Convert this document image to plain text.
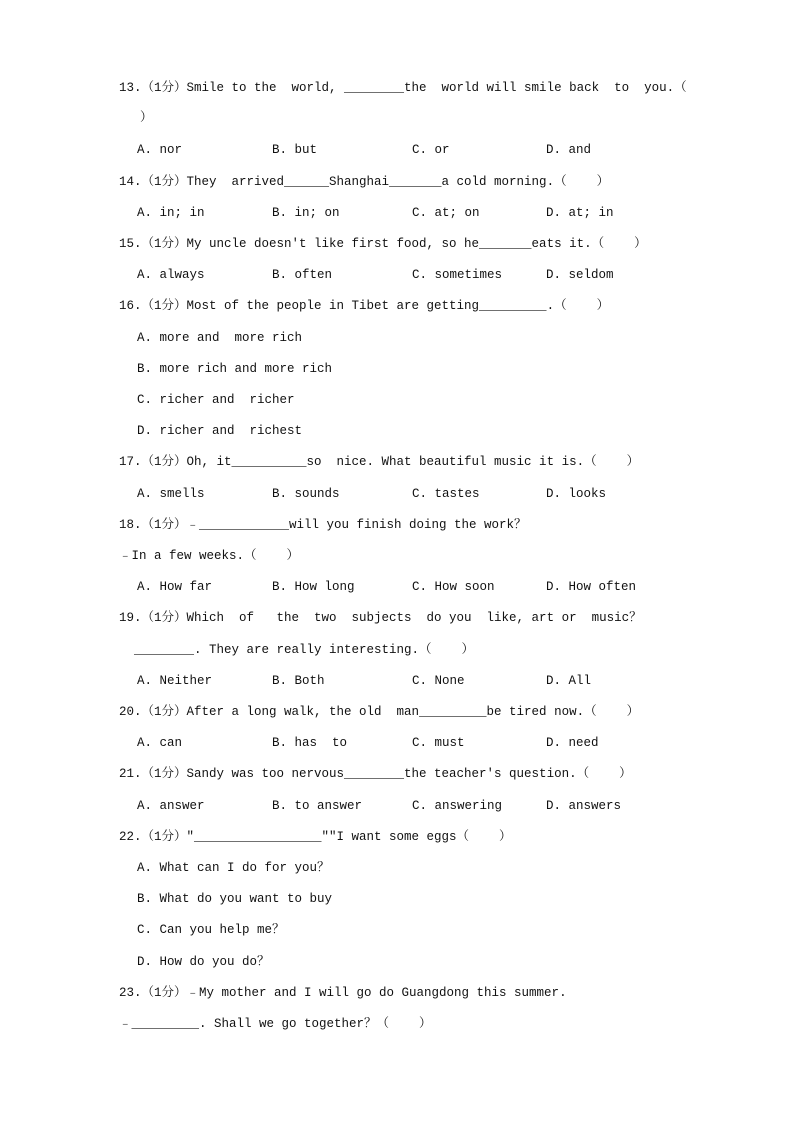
13.（1分）Smile to the  world, ________the  world will smile back  to  you.（
）
A. nor	B. but	C. or	D. and
14.（1分）They  arrived______Shanghai_______a cold morning.（    ）
A. in; in	B. in; on	C. at; on	D. at; in
15.（1分）My uncle doesn't like first food, so he_______eats it.（    ）
A. always	B. often	C. sometimes	D. seldom
16.（1分）Most of the people in Tibet are getting_________.（    ）
A. more and  more rich
B. more rich and more rich
C. richer and  richer
D. richer and  richest
17.（1分）Oh, it__________so  nice. What beautiful music it is.（    ）
A. smells	B. sounds	C. tastes	D. looks
18.（1分）﹣____________will you finish doing the work？
﹣In a few weeks.（    ）
A. How far	B. How long	C. How soon	D. How often
19.（1分）Which  of   the  two  subjects  do you  like, art or  music？
________. They are really interesting.（    ）
A. Neither	B. Both	C. None	D. All
20.（1分）After a long walk, the old  man_________be tired now.（    ）
A. can	B. has  to	C. must	D. need
21.（1分）Sandy was too nervous________the teacher's question.（    ）
A. answer	B. to answer	C. answering	D. answers
22.（1分）"_________________""I want some eggs（    ）
A. What can I do for you？
B. What do you want to buy
C. Can you help me？
D. How do you do？
23.（1分）﹣My mother and I will go do Guangdong this summer.
﹣_________. Shall we go together？（    ）
